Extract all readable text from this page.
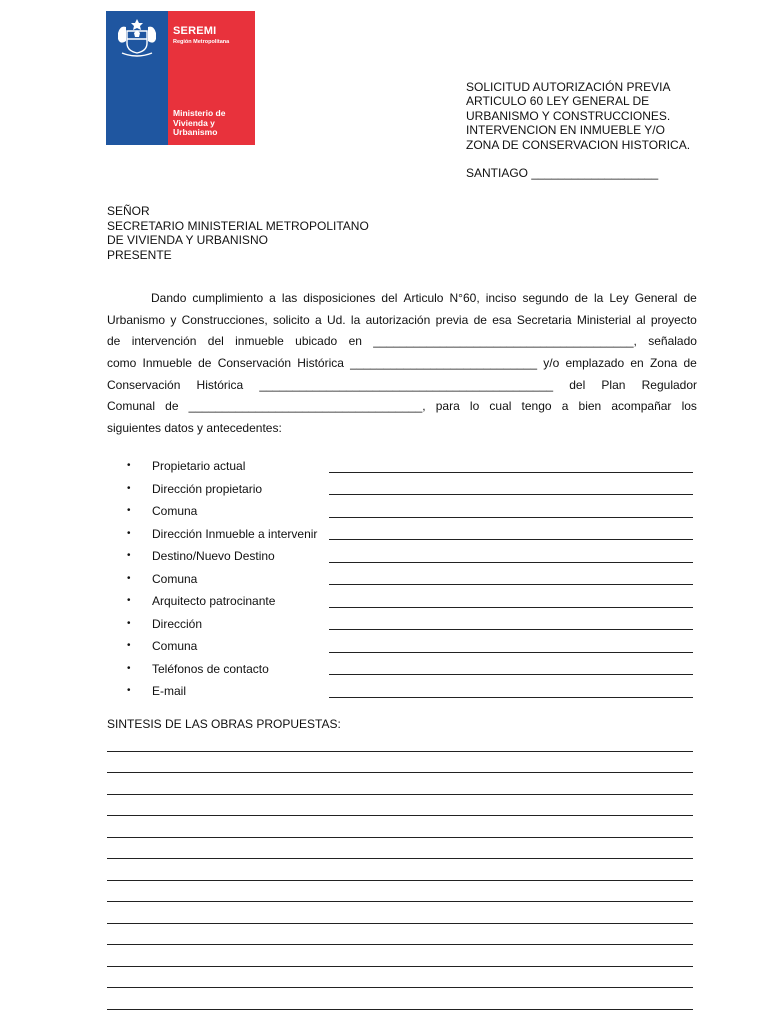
SEREMI
Región Metropolitana
Ministerio de Vivienda y Urbanismo
SOLICITUD AUTORIZACIÓN PREVIA
ARTICULO 60 LEY GENERAL DE
URBANISMO Y CONSTRUCCIONES.
INTERVENCION EN INMUEBLE Y/O
ZONA DE CONSERVACION HISTORICA.
SANTIAGO ___________________
SEÑOR
SECRETARIO MINISTERIAL METROPOLITANO
DE VIVIENDA Y URBANISNO
PRESENTE
Dando cumplimiento a las disposiciones del Articulo N°60, inciso segundo de la Ley General de
Urbanismo y Construcciones, solicito a Ud. la autorización previa de esa Secretaria Ministerial al proyecto
de intervención del inmueble ubicado en _______________________________________, señalado
como Inmueble de Conservación Histórica ____________________________ y/o emplazado en Zona de
Conservación Histórica ____________________________________________ del Plan Regulador
Comunal de ___________________________________, para lo cual tengo a bien acompañar los
siguientes datos y antecedentes:
•	Propietario actual
•	Dirección propietario
•	Comuna
•	Dirección Inmueble a intervenir
•	Destino/Nuevo Destino
•	Comuna
•	Arquitecto patrocinante
•	Dirección
•	Comuna
•	Teléfonos de contacto
•	E-mail
SINTESIS DE LAS OBRAS PROPUESTAS:
